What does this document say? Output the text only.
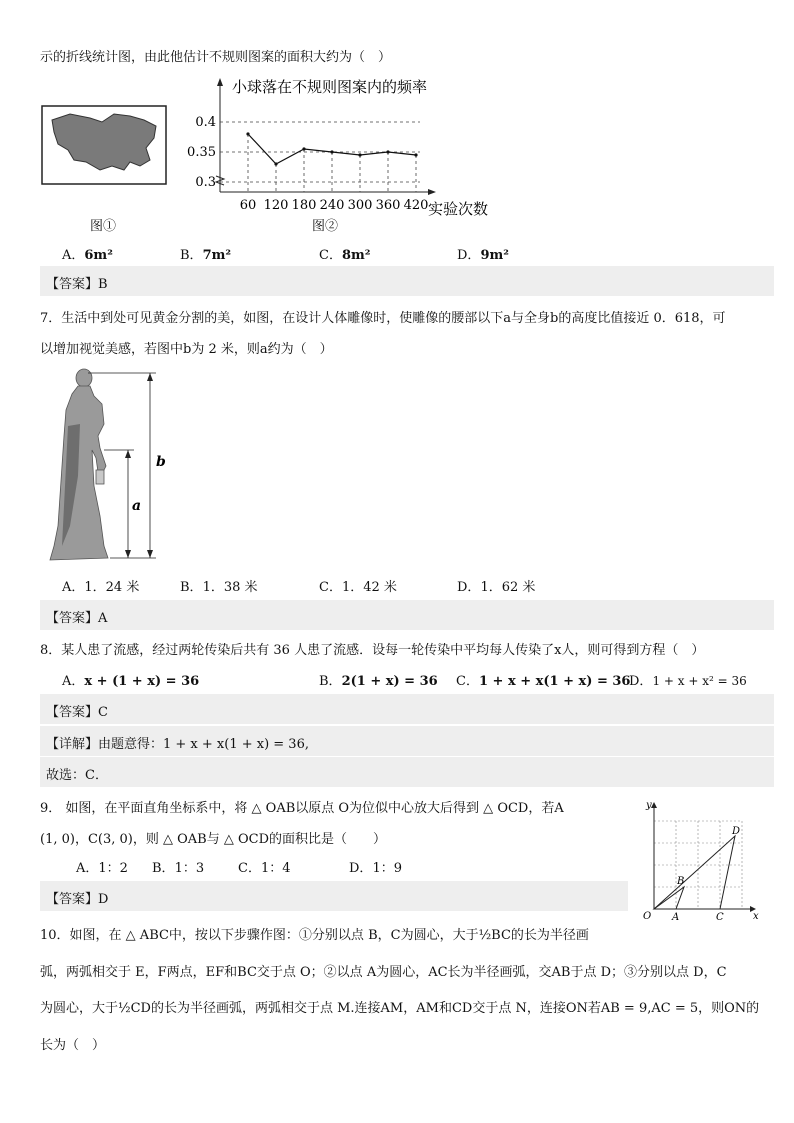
示的折线统计图，由此他估计不规则图案的面积大约为（　）
图①
0.4
0.35
0.3
60 120 180 240 300 360 420
小球落在不规则图案内的频率
实验次数
图②
A．6m²	B．7m²	C．8m²	D．9m²
【答案】B
7．生活中到处可见黄金分割的美，如图，在设计人体雕像时，使雕像的腰部以下a与全身b的高度比值接近 0．618，可
以增加视觉美感，若图中b为 2 米，则a约为（　）
b
a
A．1．24 米	B．1．38 米	C．1．42 米	D．1．62 米
【答案】A
8．某人患了流感，经过两轮传染后共有 36 人患了流感．设每一轮传染中平均每人传染了x人，则可得到方程（　）
A．x + (1 + x) = 36	B．2(1 + x) = 36 C．1 + x + x(1 + x) = 36
D．1 + x + x² = 36
【答案】C
【详解】由题意得：1 + x + x(1 + x) = 36,
故选：C．
9． 如图，在平面直角坐标系中，将 △ OAB以原点 O为位似中心放大后得到 △ OCD，若A
(1, 0)，C(3, 0)，则 △ OAB与 △ OCD的面积比是（　　）
A．1：2 B．1：3	C．1：4	D．1：9
【答案】D
y
x
O A
B
C
D
10．如图，在 △ ABC中，按以下步骤作图：①分别以点 B，C为圆心，大于½BC的长为半径画
弧，两弧相交于 E，F两点，EF和BC交于点 O；②以点 A为圆心，AC长为半径画弧，交AB于点 D；③分别以点 D，C
为圆心，大于½CD的长为半径画弧，两弧相交于点 M.连接AM，AM和CD交于点 N，连接ON若AB = 9,AC = 5，则ON的
长为（　）
